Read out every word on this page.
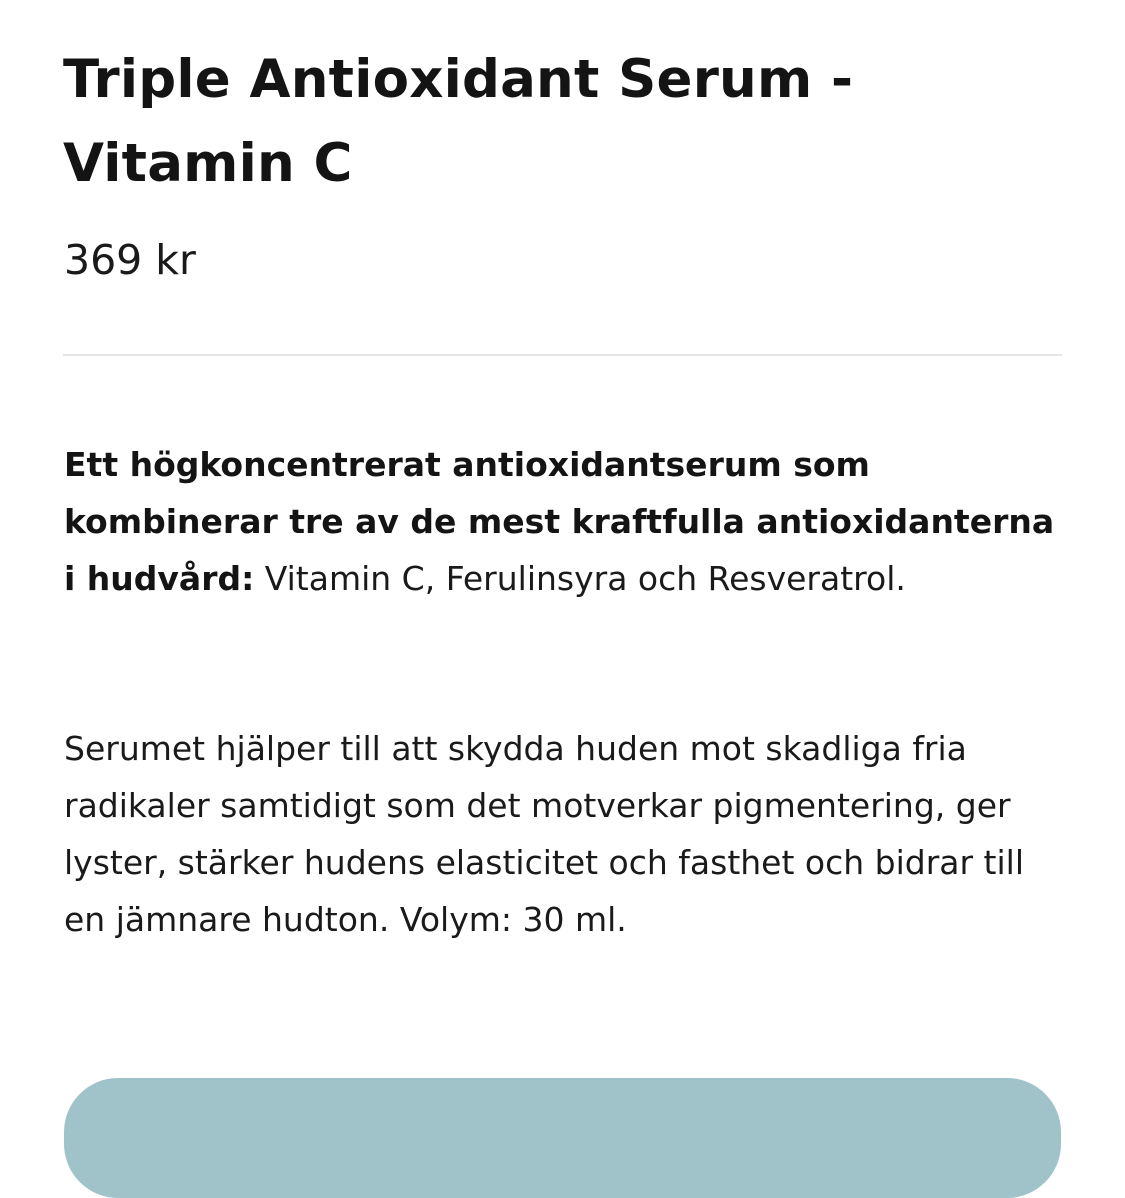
Triple Antioxidant Serum - Vitamin C

369 kr

Ett högkoncentrerat antioxidantserum som kombinerar tre av de mest kraftfulla antioxidanterna i hudvård: Vitamin C, Ferulinsyra och Resveratrol.

Serumet hjälper till att skydda huden mot skadliga fria radikaler samtidigt som det motverkar pigmentering, ger lyster, stärker hudens elasticitet och fasthet och bidrar till en jämnare hudton. Volym: 30 ml.
